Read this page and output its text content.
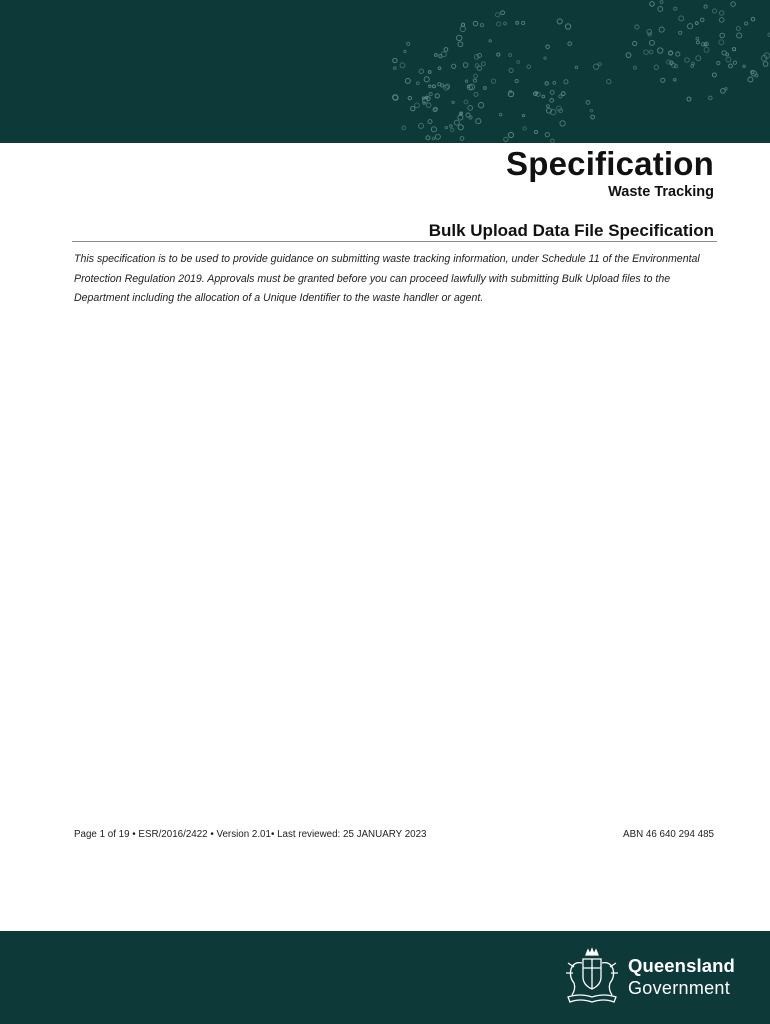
Specification
Waste Tracking
Bulk Upload Data File Specification

This specification is to be used to provide guidance on submitting waste tracking information, under Schedule 11 of the Environmental Protection Regulation 2019. Approvals must be granted before you can proceed lawfully with submitting Bulk Upload files to the Department including the allocation of a Unique Identifier to the waste handler or agent.

Page 1 of 19 • ESR/2016/2422 • Version 2.01• Last reviewed: 25 JANUARY 2023	ABN 46 640 294 485
Queensland
Government
